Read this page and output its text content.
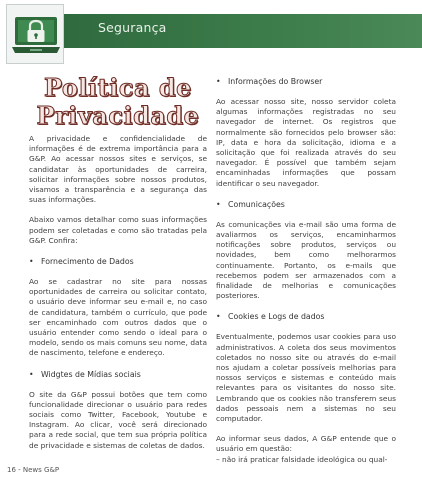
Segurança
Política de
Privacidade

A privacidade e confidencialidade de informações é de extrema importância para a G&P. Ao acessar nossos sites e serviços, se candidatar às oportunidades de carreira, solicitar informações sobre nossos produtos, visamos a transparência e a segurança das suas informações.

Abaixo vamos detalhar como suas informações podem ser coletadas e como são tratadas pela G&P. Confira:

• Fornecimento de Dados

Ao se cadastrar no site para nossas oportunidades de carreira ou solicitar contato, o usuário deve informar seu e-mail e, no caso de candidatura, também o currículo, que pode ser encaminhado com outros dados que o usuário entender como sendo o ideal para o modelo, sendo os mais comuns seu nome, data de nascimento, telefone e endereço.

• Widgtes de Mídias sociais

O site da G&P possui botões que tem como funcionalidade direcionar o usuário para redes sociais como Twitter, Facebook, Youtube e Instagram. Ao clicar, você será direcionado para a rede social, que tem sua própria política de privacidade e sistemas de coletas de dados.

• Informações do Browser

Ao acessar nosso site, nosso servidor coleta algumas informações registradas no seu navegador de internet. Os registros que normalmente são fornecidos pelo browser são: IP, data e hora da solicitação, idioma e a solicitação que foi realizada através do seu navegador. É possível que também sejam encaminhadas informações que possam identificar o seu navegador.

• Comunicações

As comunicações via e-mail são uma forma de avaliarmos os serviços, encaminharmos notificações sobre produtos, serviços ou novidades, bem como melhorarmos continuamente. Portanto, os e-mails que recebemos podem ser armazenados com a finalidade de melhorias e comunicações posteriores.

• Cookies e Logs de dados

Eventualmente, podemos usar cookies para uso administrativos. A coleta dos seus movimentos coletados no nosso site ou através do e-mail nos ajudam a coletar possíveis melhorias para nossos serviços e sistemas e conteúdo mais relevantes para os visitantes do nosso site. Lembrando que os cookies não transferem seus dados pessoais nem a sistemas no seu computador.

Ao informar seus dados, A G&P entende que o usuário em questão:

– não irá praticar falsidade ideológica ou qual-

16 - News G&P
